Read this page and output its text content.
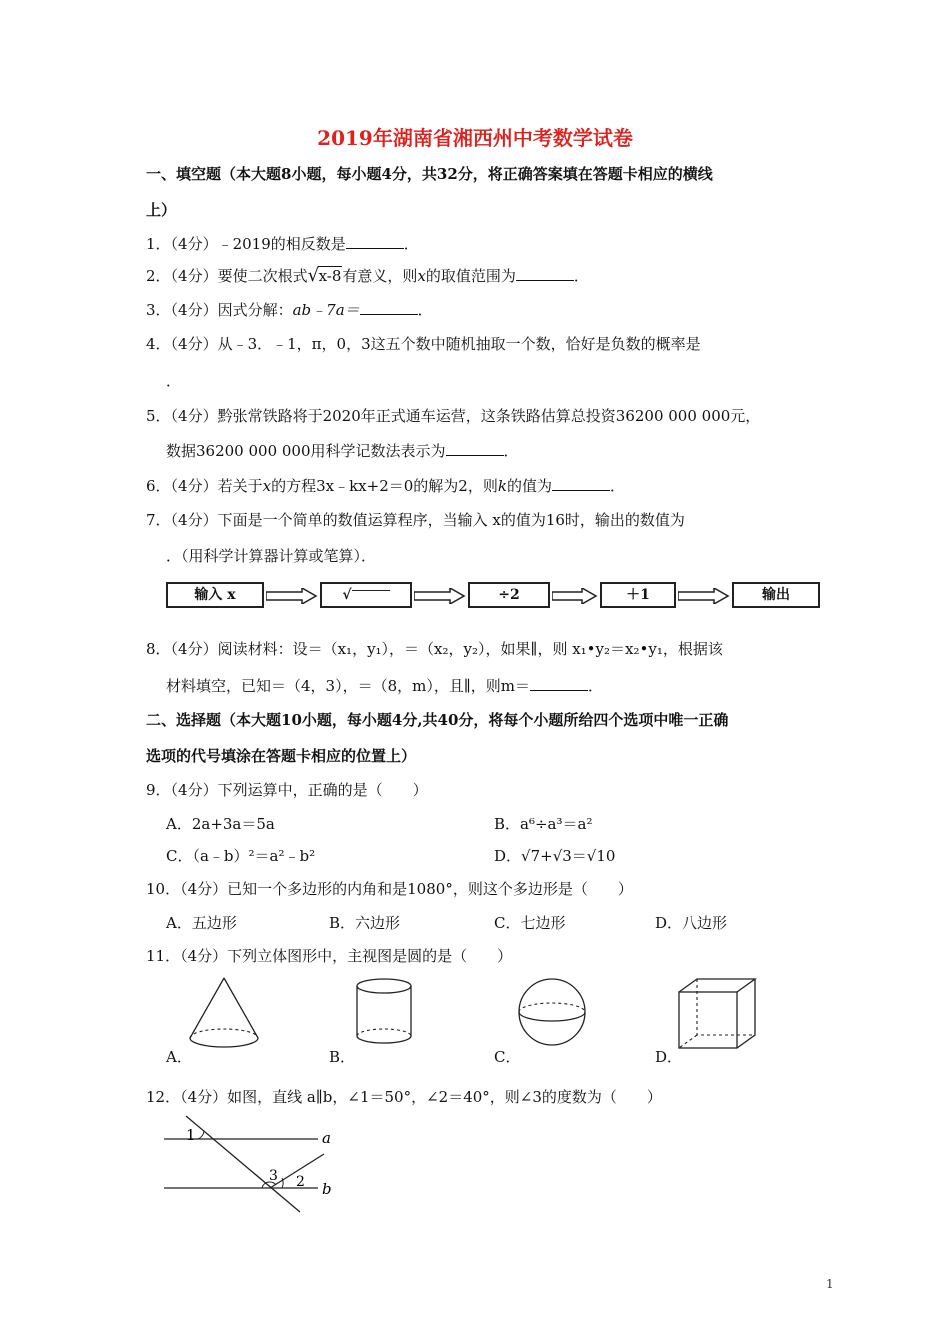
2019年湖南省湘西州中考数学试卷
一、填空题（本大题8小题，每小题4分，共32分，将正确答案填在答题卡相应的横线
上）
1．（4分）﹣2019的相反数是	．
2．（4分）要使二次根式 √ x-8有意义，则x的取值范围为	．
3．（4分）因式分解：ab﹣7a＝	．
4．（4分）从﹣3．﹣1，π，0，3这五个数中随机抽取一个数，恰好是负数的概率是
．
5．（4分）黔张常铁路将于2020年正式通车运营，这条铁路估算总投资36200 000 000元，
数据36200 000 000用科学记数法表示为	．
6．（4分）若关于x的方程3x﹣kx+2＝0的解为2，则k的值为	．
7．（4分）下面是一个简单的数值运算程序，当输入 x的值为16时，输出的数值为
．（用科学计算器计算或笔算）．
输入 x	√	÷2	＋1	输出
8．（4分）阅读材料：设＝（x₁，y₁），＝（x₂，y₂），如果∥，则 x₁•y₂＝x₂•y₁，根据该
材料填空，已知＝（4，3），＝（8，m），且∥，则m＝	．
二、选择题（本大题10小题，每小题4分,共40分，将每个小题所给四个选项中唯一正确
选项的代号填涂在答题卡相应的位置上）
9．（4分）下列运算中，正确的是（　　）
A．2a+3a＝5a	B．a⁶÷a³＝a²
C．（a﹣b）²＝a²﹣b²	D．√7+√3＝√10
10．（4分）已知一个多边形的内角和是1080°，则这个多边形是（　　）
A．五边形	B．六边形	C．七边形	D．八边形
11．（4分）下列立体图形中，主视图是圆的是（　　）
A．	B．	C．	D．
12．（4分）如图，直线 a∥b，∠1＝50°，∠2＝40°，则∠3的度数为（　　）
1	a
3 2 b
1
